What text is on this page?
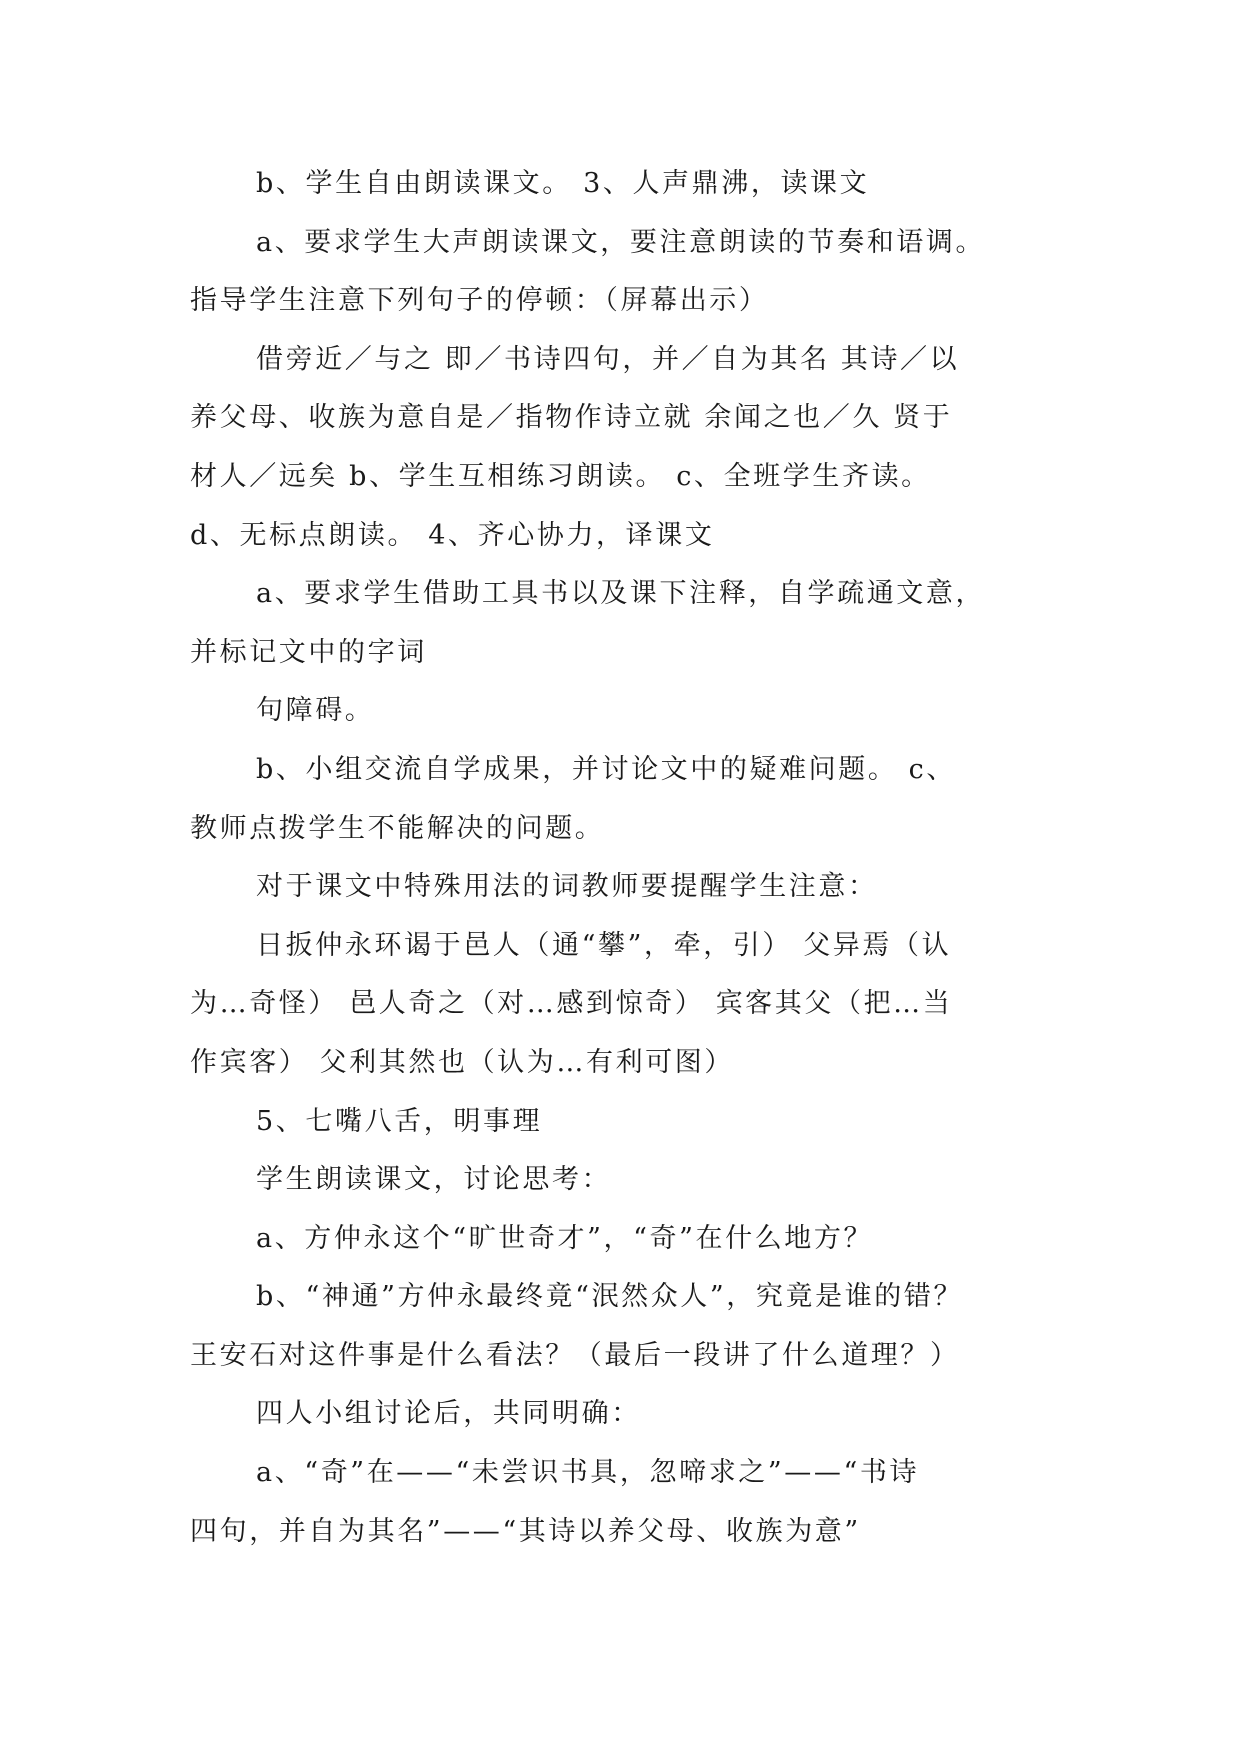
b、学生自由朗读课文。 3、人声鼎沸，读课文
a、要求学生大声朗读课文，要注意朗读的节奏和语调。
指导学生注意下列句子的停顿：（屏幕出示）
借旁近／与之 即／书诗四句，并／自为其名 其诗／以
养父母、收族为意自是／指物作诗立就 余闻之也／久 贤于
材人／远矣 b、学生互相练习朗读。 c、全班学生齐读。
d、无标点朗读。 4、齐心协力，译课文
a、要求学生借助工具书以及课下注释，自学疏通文意，
并标记文中的字词
句障碍。
b、小组交流自学成果，并讨论文中的疑难问题。 c、
教师点拨学生不能解决的问题。
对于课文中特殊用法的词教师要提醒学生注意：
日扳仲永环谒于邑人（通“攀”，牵，引） 父异焉（认
为…奇怪） 邑人奇之（对…感到惊奇） 宾客其父（把…当
作宾客） 父利其然也（认为…有利可图）
5、七嘴八舌，明事理
学生朗读课文，讨论思考：
a、方仲永这个“旷世奇才”，“奇”在什么地方？
b、“神通”方仲永最终竟“泯然众人”，究竟是谁的错？
王安石对这件事是什么看法？（最后一段讲了什么道理？）
四人小组讨论后，共同明确：
a、“奇”在——“未尝识书具，忽啼求之”——“书诗
四句，并自为其名”——“其诗以养父母、收族为意”
